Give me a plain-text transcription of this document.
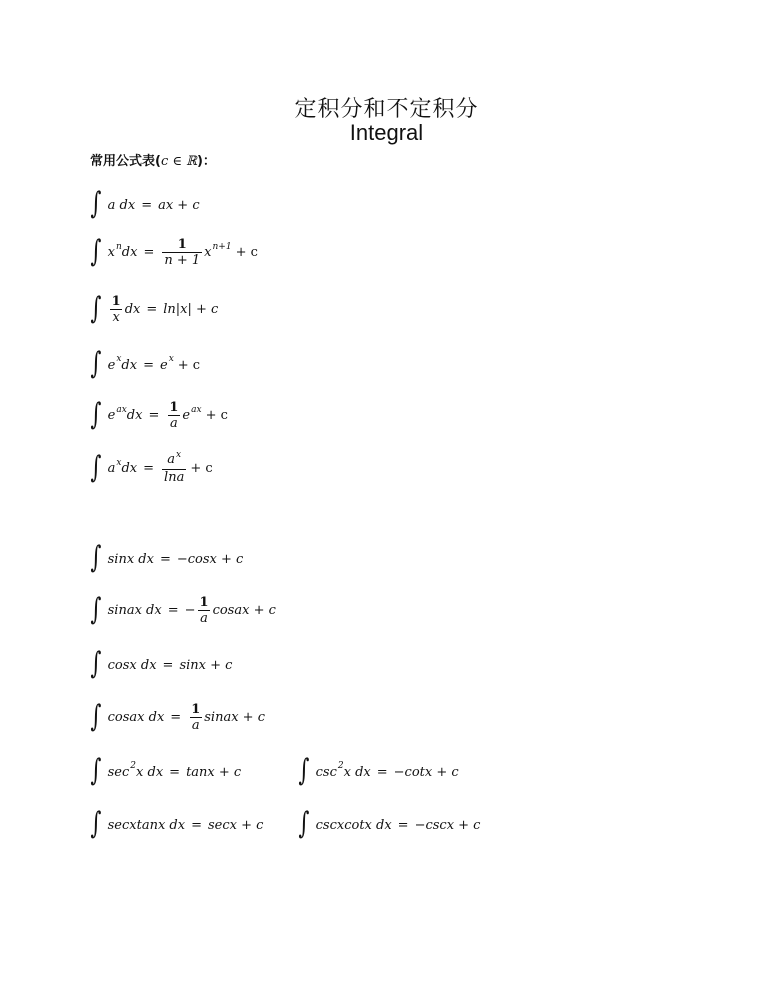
定积分和不定积分
Integral
常用公式表(c ∈ ℝ)：
∫ a dx = ax + c
∫ x n dx = $\frac{1}{n + 1}$ x n+1 + c
∫ $\frac{1}{x}$ dx = ln|x| + c
∫ e x dx = e x + c
∫ e ax dx = $\frac{1}{a}$ e ax + c
∫ a x dx = $\frac{a^x}{\ln a} + c$
∫ sinx dx = −cosx + c
∫ sinax dx = − $\frac{1}{a}$ cosax + c
∫ cosx dx = sinx + c
∫ cosax dx = $\frac{1}{a}$ sinax + c
∫ sec 2 x dx = tanx + c ∫ csc 2 x dx = −cotx + c
∫ secxtanx dx = secx + c ∫ cscxcotx dx = −cscx + c
